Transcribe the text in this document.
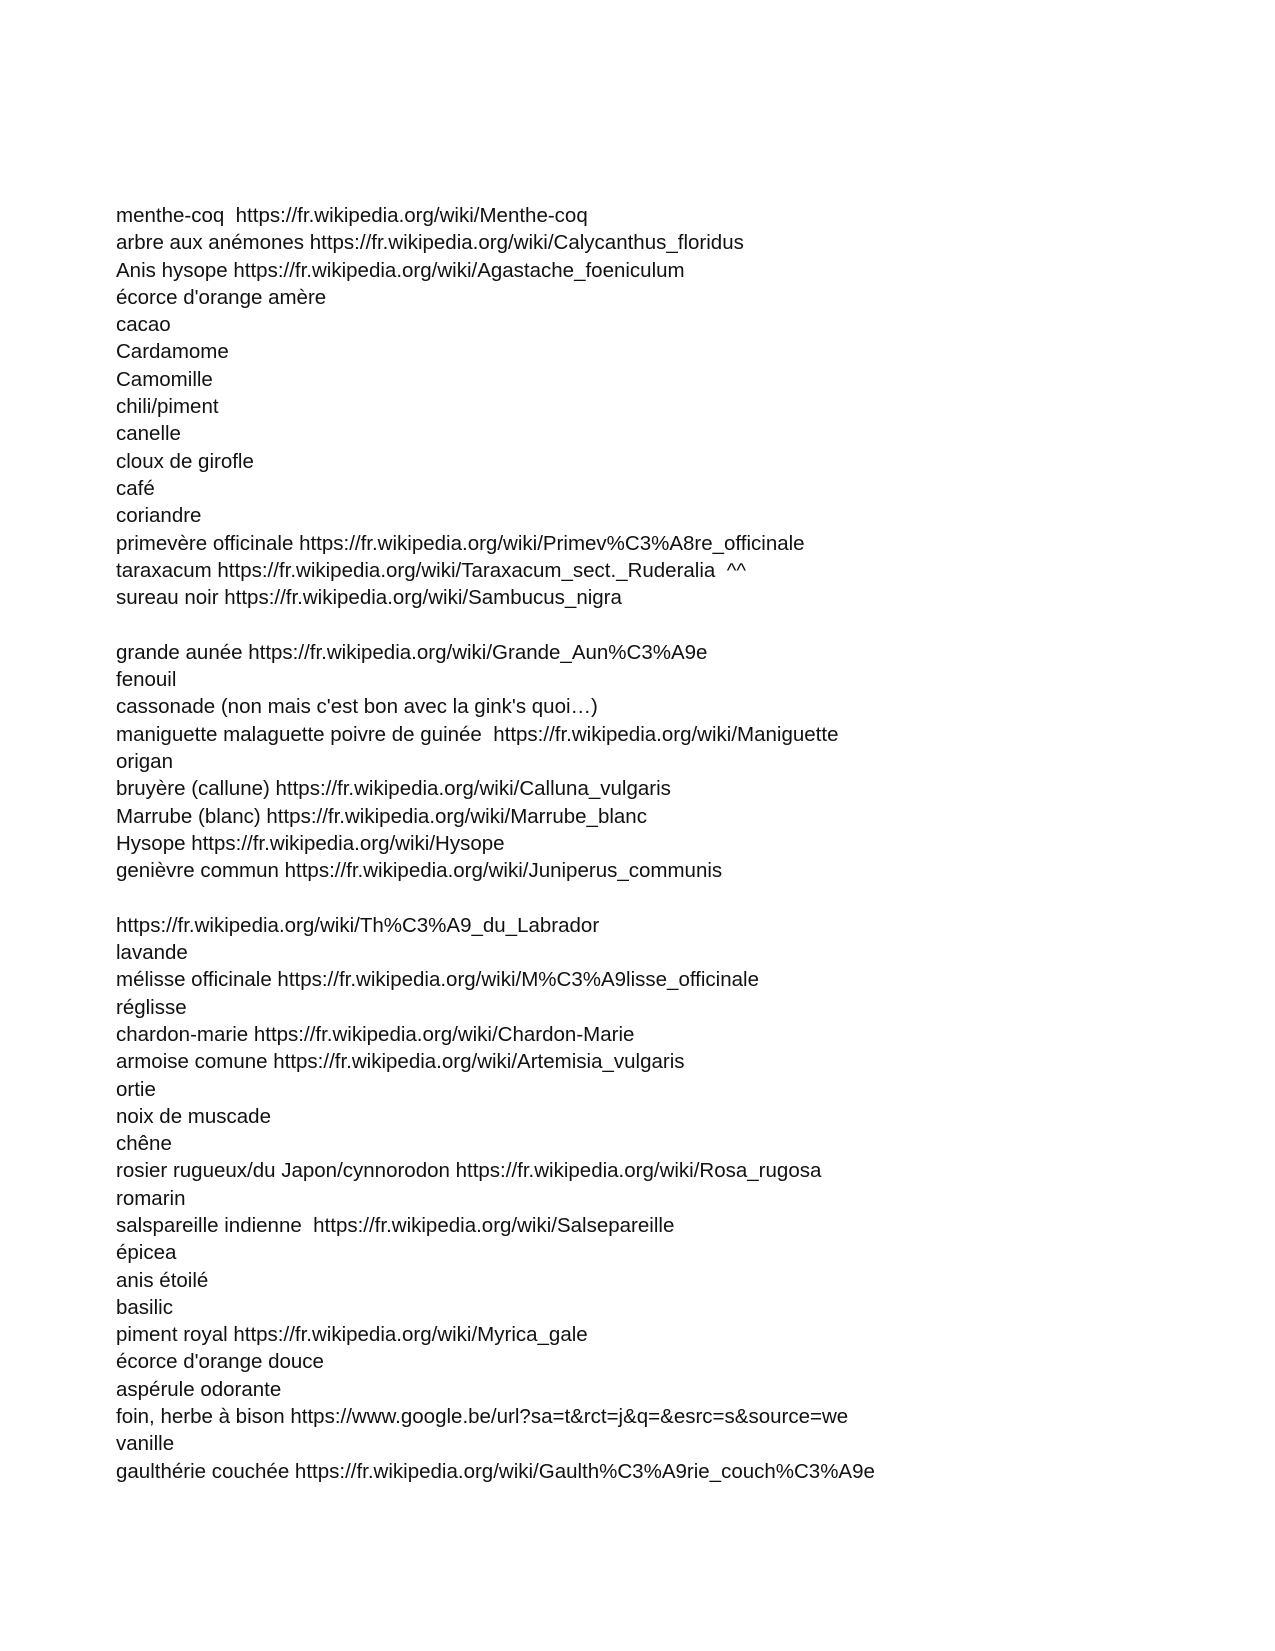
menthe-coq  https://fr.wikipedia.org/wiki/Menthe-coq
arbre aux anémones https://fr.wikipedia.org/wiki/Calycanthus_floridus
Anis hysope https://fr.wikipedia.org/wiki/Agastache_foeniculum
écorce d'orange amère
cacao
Cardamome
Camomille
chili/piment
canelle
cloux de girofle
café
coriandre
primevère officinale https://fr.wikipedia.org/wiki/Primev%C3%A8re_officinale
taraxacum https://fr.wikipedia.org/wiki/Taraxacum_sect._Ruderalia  ^^
sureau noir https://fr.wikipedia.org/wiki/Sambucus_nigra
grande aunée https://fr.wikipedia.org/wiki/Grande_Aun%C3%A9e
fenouil
cassonade (non mais c'est bon avec la gink's quoi…)
maniguette malaguette poivre de guinée  https://fr.wikipedia.org/wiki/Maniguette
origan
bruyère (callune) https://fr.wikipedia.org/wiki/Calluna_vulgaris
Marrube (blanc) https://fr.wikipedia.org/wiki/Marrube_blanc
Hysope https://fr.wikipedia.org/wiki/Hysope
genièvre commun https://fr.wikipedia.org/wiki/Juniperus_communis
https://fr.wikipedia.org/wiki/Th%C3%A9_du_Labrador
lavande
mélisse officinale https://fr.wikipedia.org/wiki/M%C3%A9lisse_officinale
réglisse
chardon-marie https://fr.wikipedia.org/wiki/Chardon-Marie
armoise comune https://fr.wikipedia.org/wiki/Artemisia_vulgaris
ortie
noix de muscade
chêne
rosier rugueux/du Japon/cynnorodon https://fr.wikipedia.org/wiki/Rosa_rugosa
romarin
salspareille indienne  https://fr.wikipedia.org/wiki/Salsepareille
épicea
anis étoilé
basilic
piment royal https://fr.wikipedia.org/wiki/Myrica_gale
écorce d'orange douce
aspérule odorante
foin, herbe à bison https://www.google.be/url?sa=t&rct=j&q=&esrc=s&source=we
vanille
gaulthérie couchée https://fr.wikipedia.org/wiki/Gaulth%C3%A9rie_couch%C3%A9e
